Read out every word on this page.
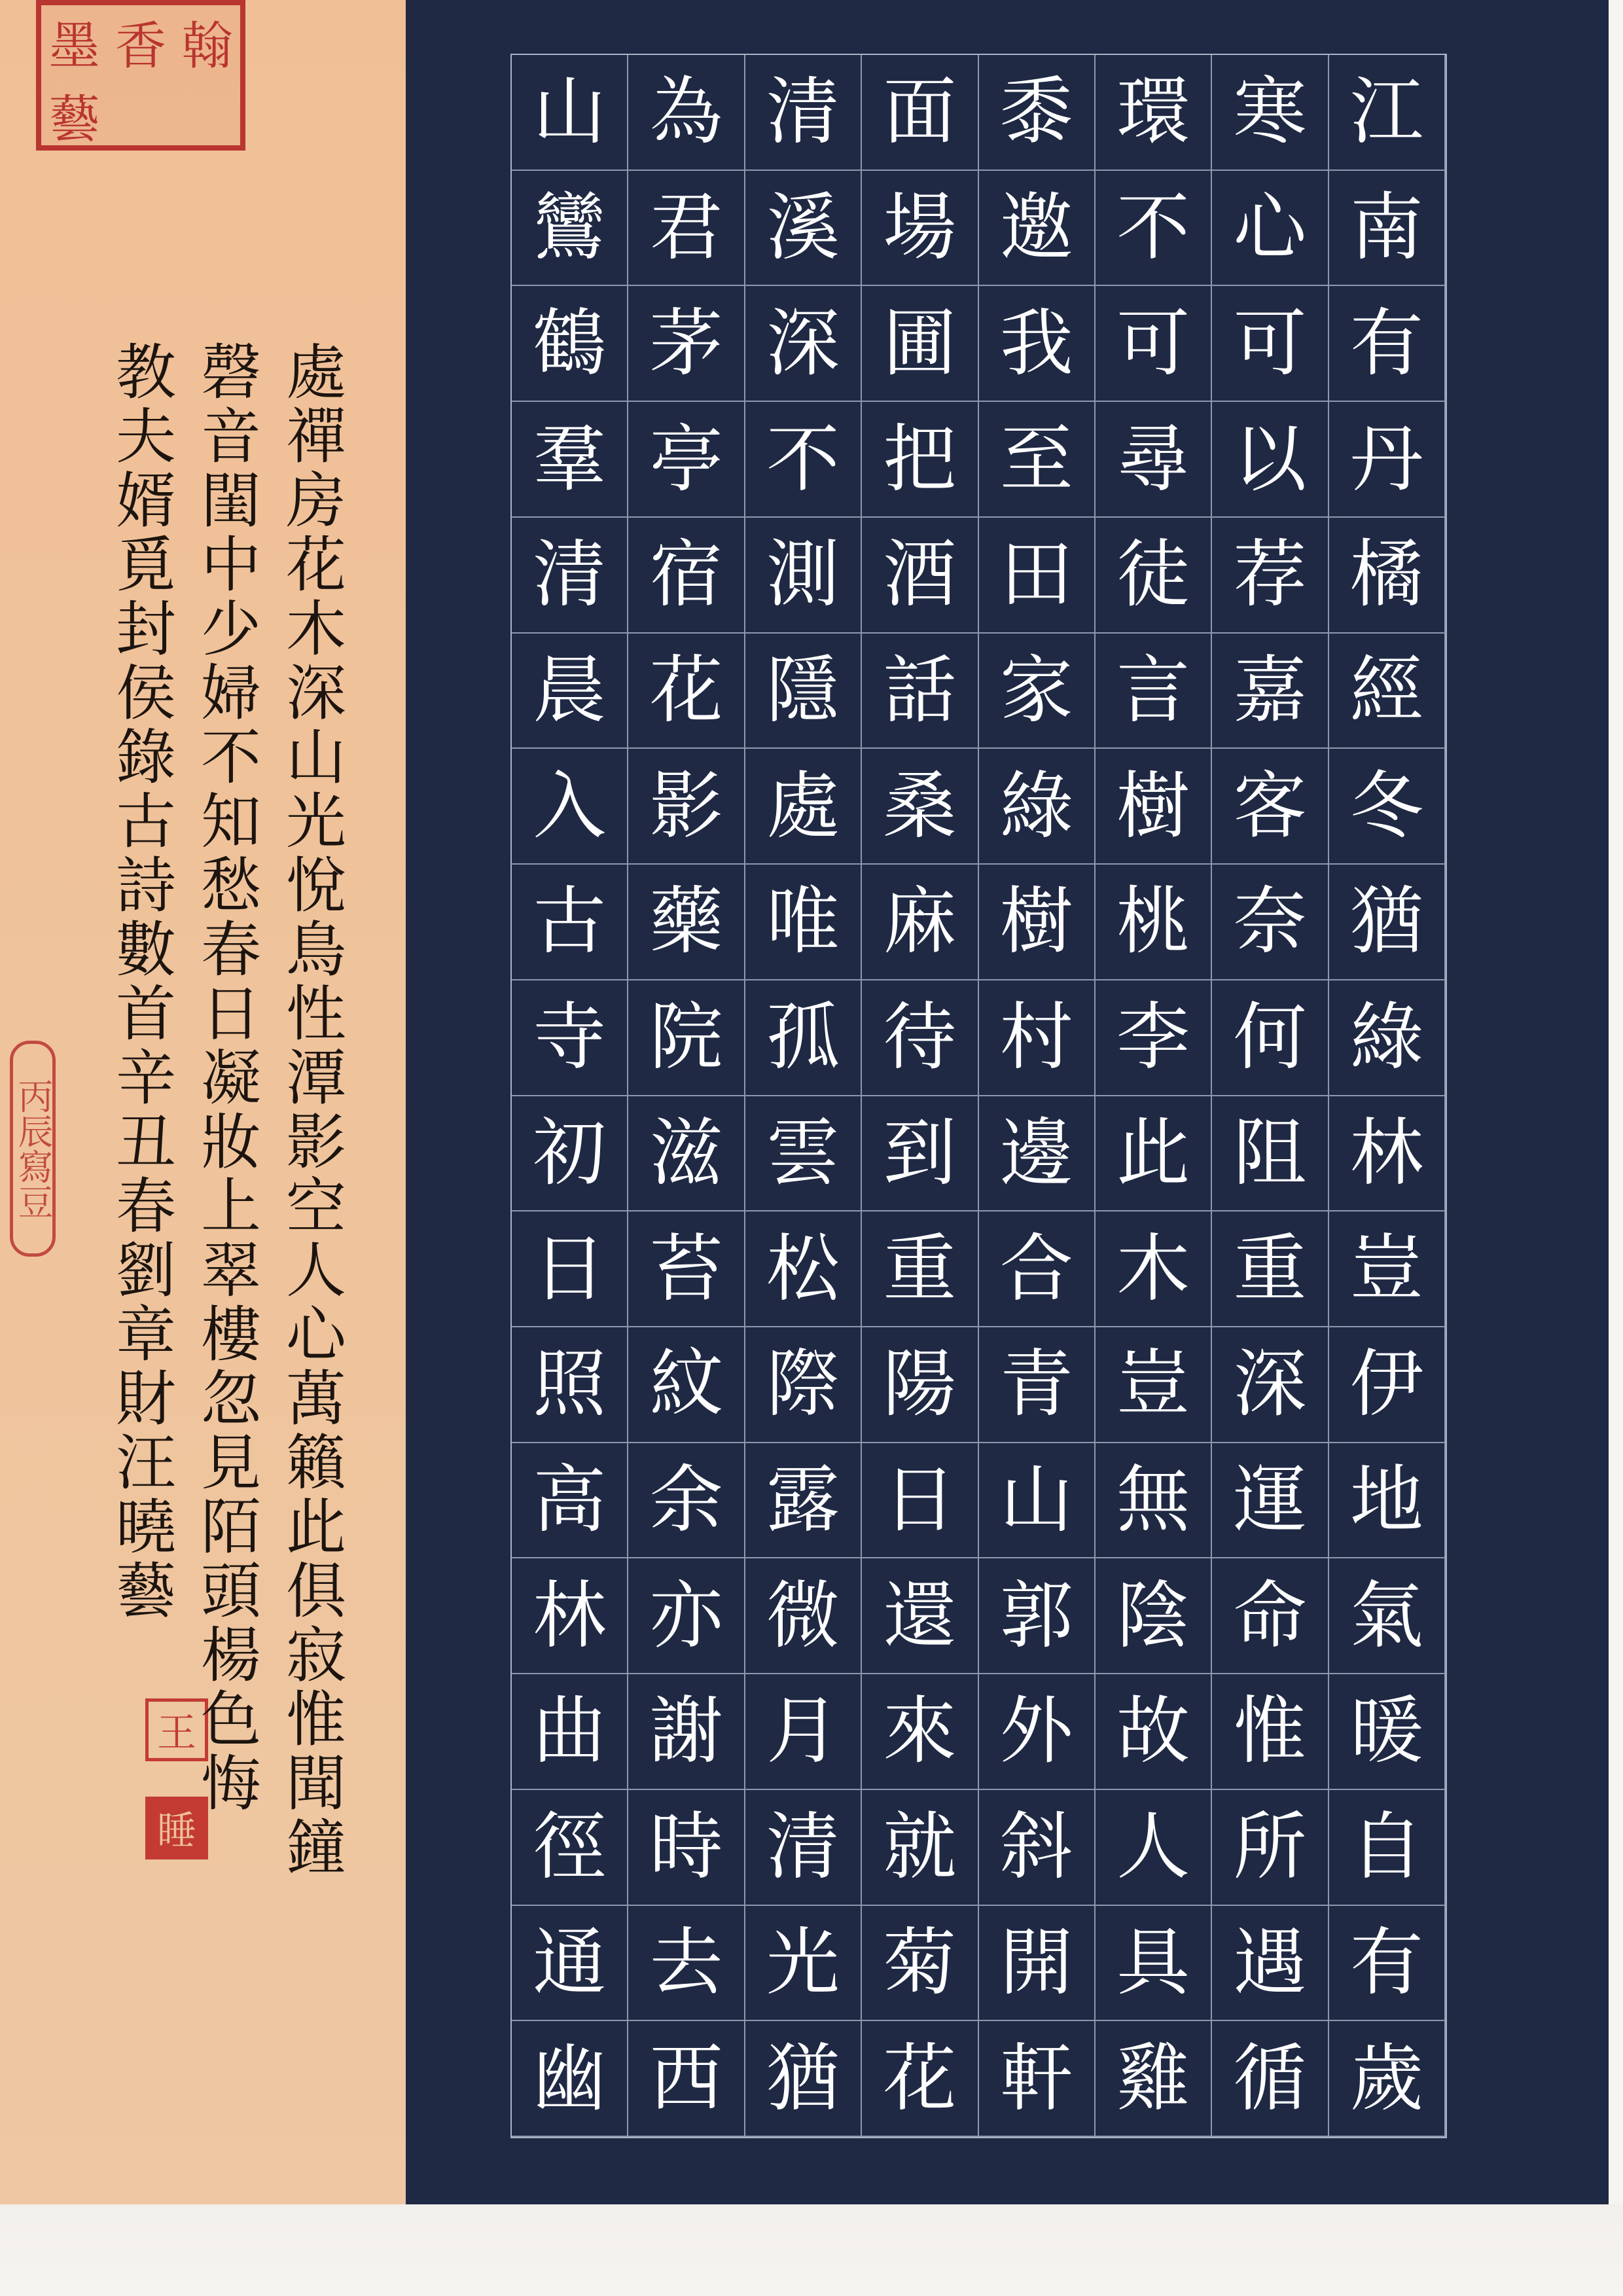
墨 香 翰
藝
丙辰寫豆
王
睡 處禪房花木深山光悅鳥性潭影空人心萬籟此俱寂惟聞鐘

磬音閨中少婦不知愁春日凝妝上翠樓忽見陌頭楊色悔

教夫婿覓封侯錄古詩數首辛丑春劉章財汪曉藝

山 為 清 面 黍 環 寒 江
鸞 君 溪 場 邀 不 心 南
鶴 茅 深 圃 我 可 可 有
羣 亭 不 把 至 尋 以 丹
清 宿 測 酒 田 徒 荐 橘
晨 花 隱 話 家 言 嘉 經
入 影 處 桑 綠 樹 客 冬
古 藥 唯 麻 樹 桃 奈 猶
寺 院 孤 待 村 李 何 綠
初 滋 雲 到 邊 此 阻 林
日 苔 松 重 合 木 重 豈
照 紋 際 陽 青 豈 深 伊
高 余 露 日 山 無 運 地
林 亦 微 還 郭 陰 命 氣
曲 謝 月 來 外 故 惟 暖
徑 時 清 就 斜 人 所 自
通 去 光 菊 開 具 遇 有
幽 西 猶 花 軒 雞 循 歲
